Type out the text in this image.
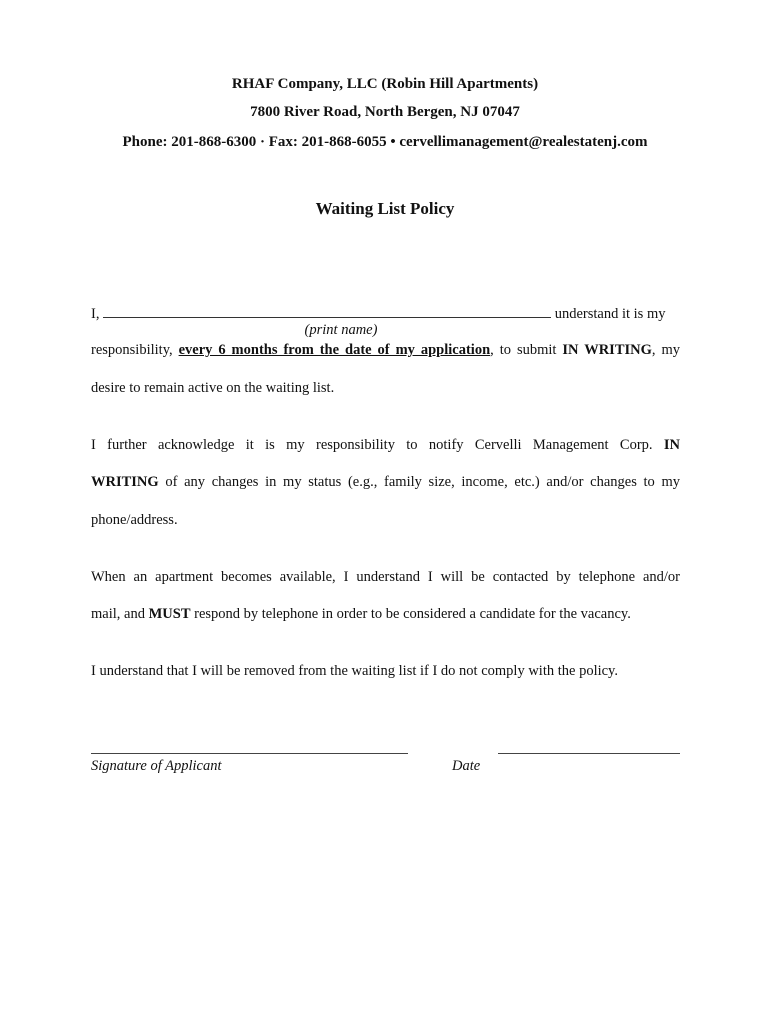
RHAF Company, LLC (Robin Hill Apartments)
7800 River Road, North Bergen, NJ 07047
Phone: 201-868-6300 · Fax: 201-868-6055 • cervellimanagement@realestatenj.com
Waiting List Policy
I,	understand it is my
(print name)
responsibility, every 6 months from the date of my application, to submit IN WRITING, my
desire to remain active on the waiting list.
I further acknowledge it is my responsibility to notify Cervelli Management Corp. IN
WRITING of any changes in my status (e.g., family size, income, etc.) and/or changes to my
phone/address.
When an apartment becomes available, I understand I will be contacted by telephone and/or
mail, and MUST respond by telephone in order to be considered a candidate for the vacancy.
I understand that I will be removed from the waiting list if I do not comply with the policy.
Signature of Applicant	Date
